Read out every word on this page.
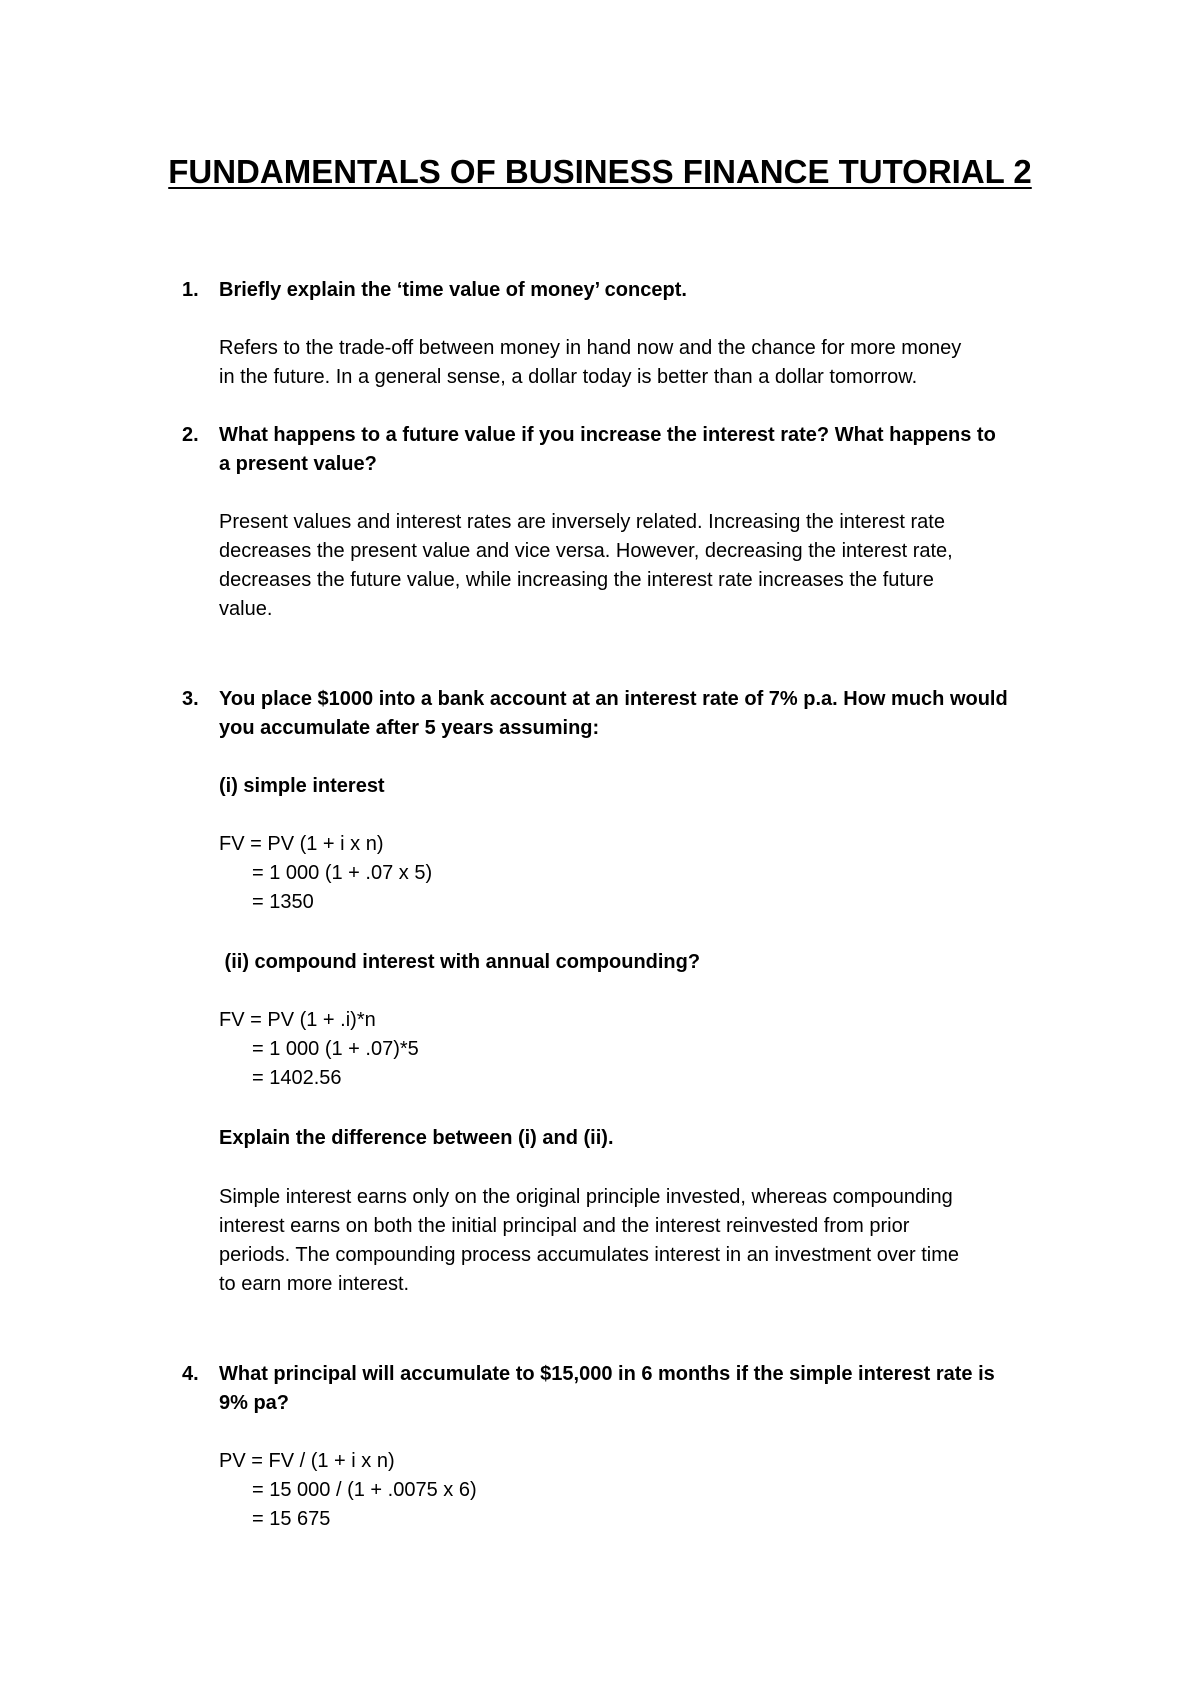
FUNDAMENTALS OF BUSINESS FINANCE TUTORIAL 2
1. Briefly explain the ‘time value of money’ concept.

Refers to the trade-off between money in hand now and the chance for more money

in the future. In a general sense, a dollar today is better than a dollar tomorrow.

2. What happens to a future value if you increase the interest rate? What happens to

a present value?

Present values and interest rates are inversely related. Increasing the interest rate

decreases the present value and vice versa. However, decreasing the interest rate,

decreases the future value, while increasing the interest rate increases the future

value.

3. You place $1000 into a bank account at an interest rate of 7% p.a. How much would

you accumulate after 5 years assuming:

(i) simple interest

FV = PV (1 + i x n)

= 1 000 (1 + .07 x 5)

= 1350

(ii) compound interest with annual compounding?

FV = PV (1 + .i)*n

= 1 000 (1 + .07)*5

= 1402.56

Explain the difference between (i) and (ii).

Simple interest earns only on the original principle invested, whereas compounding

interest earns on both the initial principal and the interest reinvested from prior

periods. The compounding process accumulates interest in an investment over time

to earn more interest.

4. What principal will accumulate to $15,000 in 6 months if the simple interest rate is

9% pa?

PV = FV / (1 + i x n)

= 15 000 / (1 + .0075 x 6)

= 15 675
